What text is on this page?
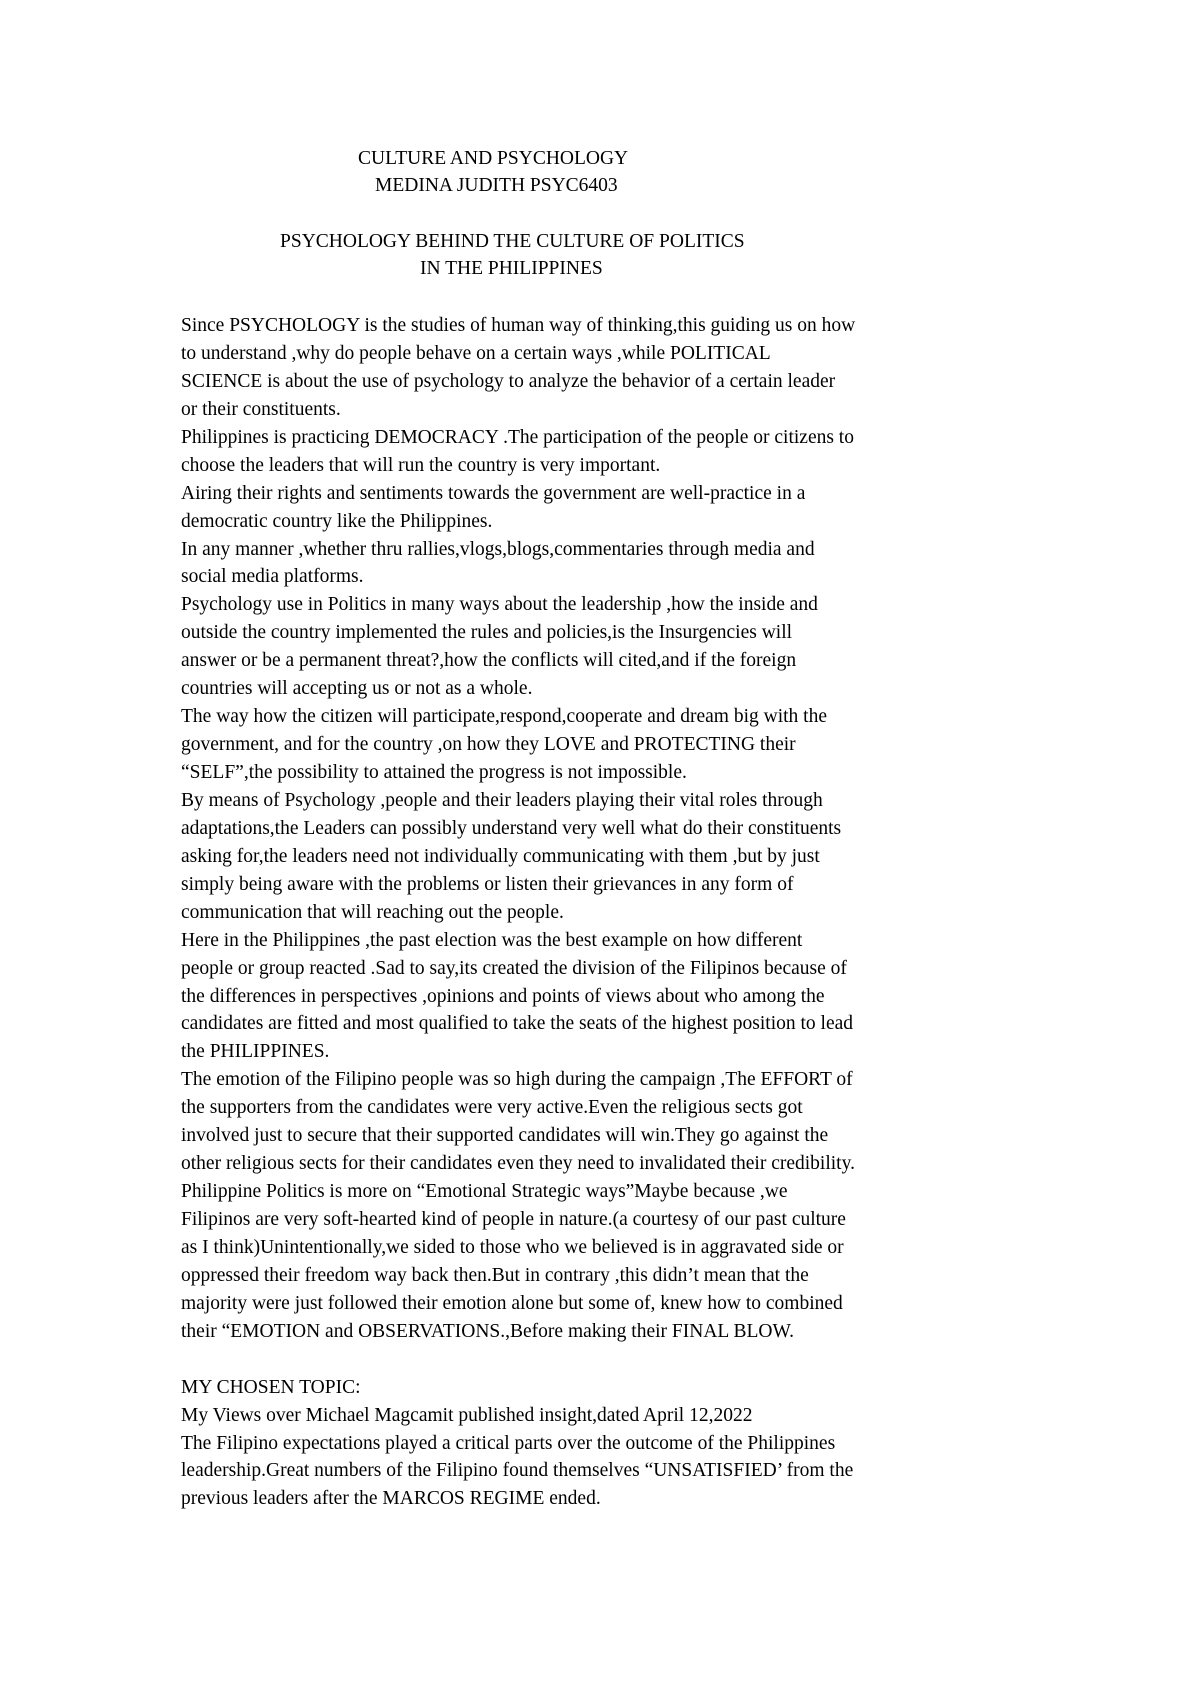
CULTURE AND PSYCHOLOGY
MEDINA JUDITH PSYC6403
PSYCHOLOGY BEHIND THE CULTURE OF POLITICS
IN THE PHILIPPINES
Since PSYCHOLOGY is the studies of human way of thinking,this guiding us on how
to understand ,why do people behave on a certain ways ,while POLITICAL
SCIENCE is about the use of psychology to analyze the behavior of a certain leader
or their constituents.
Philippines is practicing DEMOCRACY .The participation of the people or citizens to
choose the leaders that will run the country is very important.
Airing their rights and sentiments towards the government are well-practice in a
democratic country like the Philippines.
In any manner ,whether thru rallies,vlogs,blogs,commentaries through media and
social media platforms.
Psychology use in Politics in many ways about the leadership ,how the inside and
outside the country implemented the rules and policies,is the Insurgencies will
answer or be a permanent threat?,how the conflicts will cited,and if the foreign
countries will accepting us or not as a whole.
The way how the citizen will participate,respond,cooperate and dream big with the
government, and for the country ,on how they LOVE and PROTECTING their
“SELF”,the possibility to attained the progress is not impossible.
By means of Psychology ,people and their leaders playing their vital roles through
adaptations,the Leaders can possibly understand very well what do their constituents
asking for,the leaders need not individually communicating with them ,but by just
simply being aware with the problems or listen their grievances in any form of
communication that will reaching out the people.
Here in the Philippines ,the past election was the best example on how different
people or group reacted .Sad to say,its created the division of the Filipinos because of
the differences in perspectives ,opinions and points of views about who among the
candidates are fitted and most qualified to take the seats of the highest position to lead
the PHILIPPINES.
The emotion of the Filipino people was so high during the campaign ,The EFFORT of
the supporters from the candidates were very active.Even the religious sects got
involved just to secure that their supported candidates will win.They go against the
other religious sects for their candidates even they need to invalidated their credibility.
Philippine Politics is more on “Emotional Strategic ways”Maybe because ,we
Filipinos are very soft-hearted kind of people in nature.(a courtesy of our past culture
as I think)Unintentionally,we sided to those who we believed is in aggravated side or
oppressed their freedom way back then.But in contrary ,this didn’t mean that the
majority were just followed their emotion alone but some of, knew how to combined
their “EMOTION and OBSERVATIONS.,Before making their FINAL BLOW.
MY CHOSEN TOPIC:
My Views over Michael Magcamit published insight,dated April 12,2022
The Filipino expectations played a critical parts over the outcome of the Philippines
leadership.Great numbers of the Filipino found themselves “UNSATISFIED’ from the
previous leaders after the MARCOS REGIME ended.
